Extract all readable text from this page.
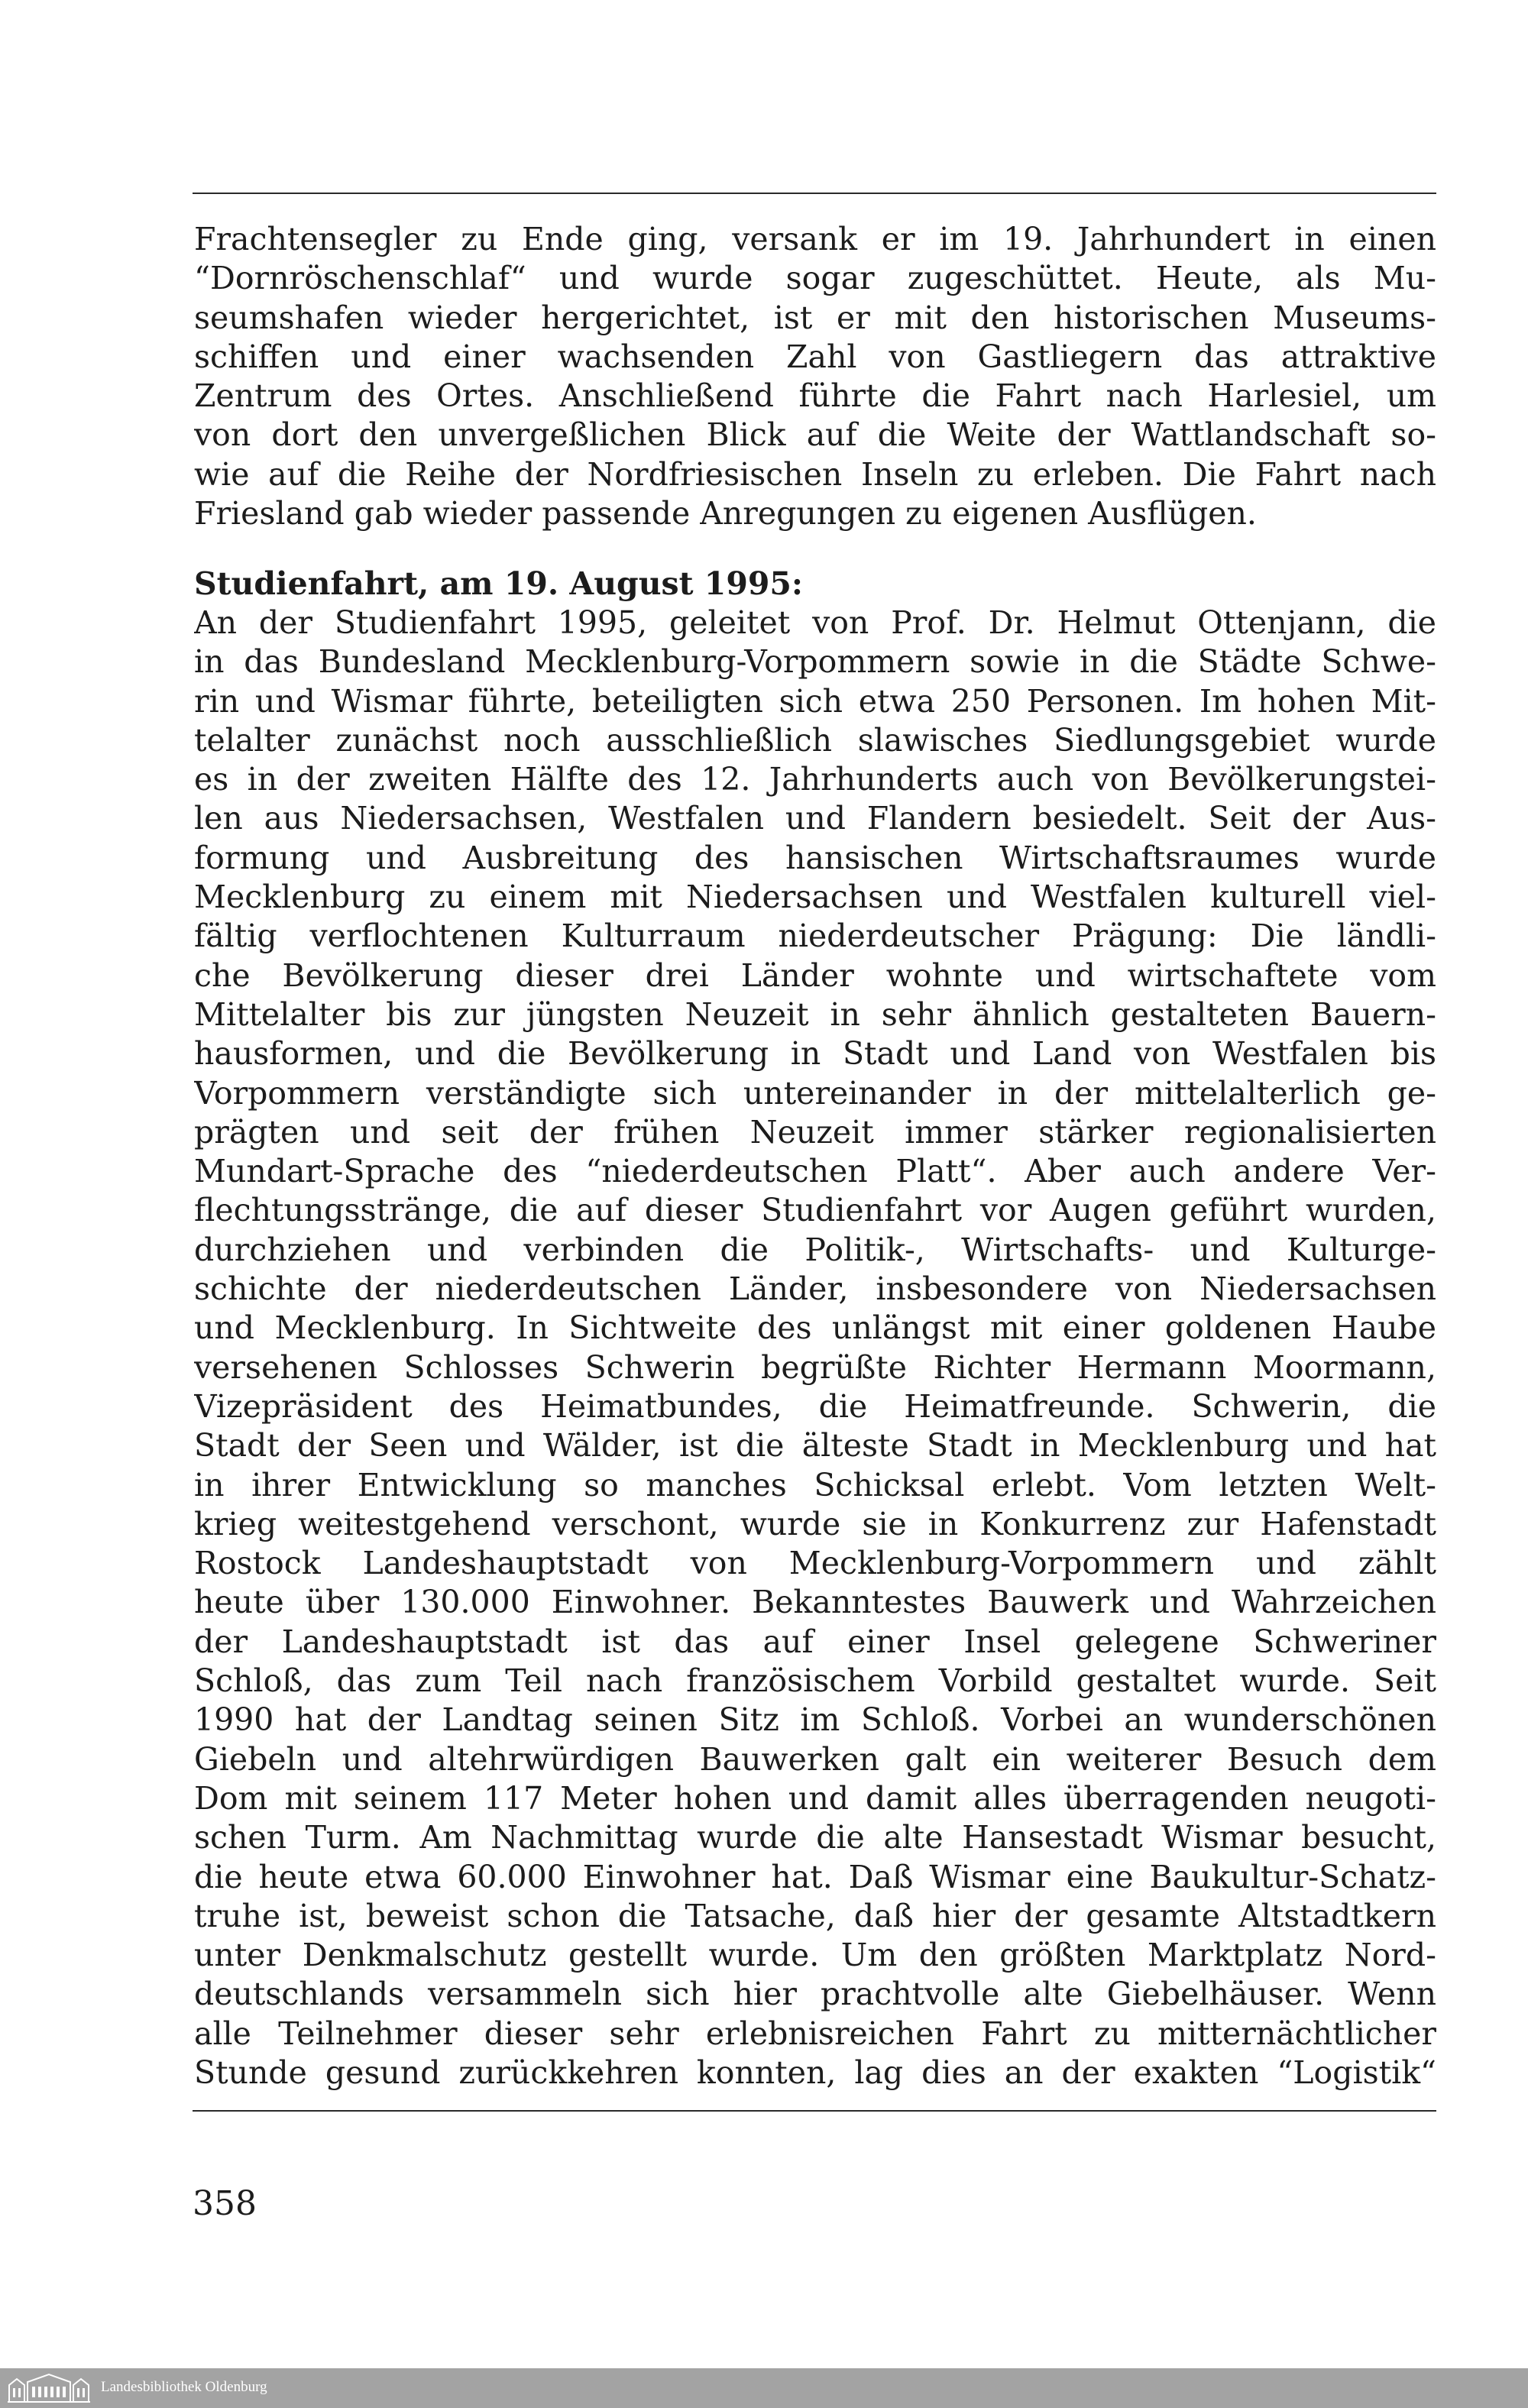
Frachtensegler zu Ende ging, versank er im 19. Jahrhundert in einen
“Dornröschenschlaf“ und wurde sogar zugeschüttet. Heute, als Mu-
seumshafen wieder hergerichtet, ist er mit den historischen Museums-
schiffen und einer wachsenden Zahl von Gastliegern das attraktive
Zentrum des Ortes. Anschließend führte die Fahrt nach Harlesiel, um
von dort den unvergeßlichen Blick auf die Weite der Wattlandschaft so-
wie auf die Reihe der Nordfriesischen Inseln zu erleben. Die Fahrt nach
Friesland gab wieder passende Anregungen zu eigenen Ausflügen.
Studienfahrt, am 19. August 1995:
An der Studienfahrt 1995, geleitet von Prof. Dr. Helmut Ottenjann, die
in das Bundesland Mecklenburg-Vorpommern sowie in die Städte Schwe-
rin und Wismar führte, beteiligten sich etwa 250 Personen. Im hohen Mit-
telalter zunächst noch ausschließlich slawisches Siedlungsgebiet wurde
es in der zweiten Hälfte des 12. Jahrhunderts auch von Bevölkerungstei-
len aus Niedersachsen, Westfalen und Flandern besiedelt. Seit der Aus-
formung und Ausbreitung des hansischen Wirtschaftsraumes wurde
Mecklenburg zu einem mit Niedersachsen und Westfalen kulturell viel-
fältig verflochtenen Kulturraum niederdeutscher Prägung: Die ländli-
che Bevölkerung dieser drei Länder wohnte und wirtschaftete vom
Mittelalter bis zur jüngsten Neuzeit in sehr ähnlich gestalteten Bauern-
hausformen, und die Bevölkerung in Stadt und Land von Westfalen bis
Vorpommern verständigte sich untereinander in der mittelalterlich ge-
prägten und seit der frühen Neuzeit immer stärker regionalisierten
Mundart-Sprache des “niederdeutschen Platt“. Aber auch andere Ver-
flechtungsstränge, die auf dieser Studienfahrt vor Augen geführt wurden,
durchziehen und verbinden die Politik-, Wirtschafts- und Kulturge-
schichte der niederdeutschen Länder, insbesondere von Niedersachsen
und Mecklenburg. In Sichtweite des unlängst mit einer goldenen Haube
versehenen Schlosses Schwerin begrüßte Richter Hermann Moormann,
Vizepräsident des Heimatbundes, die Heimatfreunde. Schwerin, die
Stadt der Seen und Wälder, ist die älteste Stadt in Mecklenburg und hat
in ihrer Entwicklung so manches Schicksal erlebt. Vom letzten Welt-
krieg weitestgehend verschont, wurde sie in Konkurrenz zur Hafenstadt
Rostock Landeshauptstadt von Mecklenburg-Vorpommern und zählt
heute über 130.000 Einwohner. Bekanntestes Bauwerk und Wahrzeichen
der Landeshauptstadt ist das auf einer Insel gelegene Schweriner
Schloß, das zum Teil nach französischem Vorbild gestaltet wurde. Seit
1990 hat der Landtag seinen Sitz im Schloß. Vorbei an wunderschönen
Giebeln und altehrwürdigen Bauwerken galt ein weiterer Besuch dem
Dom mit seinem 117 Meter hohen und damit alles überragenden neugoti-
schen Turm. Am Nachmittag wurde die alte Hansestadt Wismar besucht,
die heute etwa 60.000 Einwohner hat. Daß Wismar eine Baukultur-Schatz-
truhe ist, beweist schon die Tatsache, daß hier der gesamte Altstadtkern
unter Denkmalschutz gestellt wurde. Um den größten Marktplatz Nord-
deutschlands versammeln sich hier prachtvolle alte Giebelhäuser. Wenn
alle Teilnehmer dieser sehr erlebnisreichen Fahrt zu mitternächtlicher
Stunde gesund zurückkehren konnten, lag dies an der exakten “Logistik“
358
Landesbibliothek Oldenburg
